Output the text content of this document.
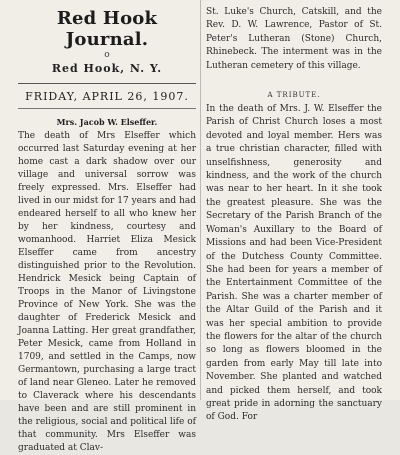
Red Hook Journal.
o
Red Hook, N. Y.
FRIDAY, APRIL 26, 1907.
Mrs. Jacob W. Elseffer.

The death of Mrs Elseffer which occurred last Saturday evening at her home cast a dark shadow over our village and universal sorrow was freely expressed. Mrs. Elseffer had lived in our midst for 17 years and had endeared herself to all who knew her by her kindness, courtesy and womanhood. Harriet Eliza Mesick Elseffer came from ancestry distinguished prior to the Revolution. Hendrick Mesick being Captain of Troops in the Manor of Livingstone Province of New York. She was the daughter of Frederick Mesick and Joanna Latting. Her great grandfather, Peter Mesick, came from Holland in 1709, and settled in the Camps, now Germantown, purchasing a large tract of land near Gleneo. Later he removed to Claverack where his descendants have been and are still prominent in the religious, social and political life of that community. Mrs Elseffer was graduated at Clav-

St. Luke's Church, Catskill, and the Rev. D. W. Lawrence, Pastor of St. Peter's Lutheran (Stone) Church, Rhinebeck. The interment was in the Lutheran cemetery of this village.

A TRIBUTE.

In the death of Mrs. J. W. Elseffer the Parish of Christ Church loses a most devoted and loyal member. Hers was a true christian character, filled with unselfishness, generosity and kindness, and the work of the church was near to her heart. In it she took the greatest pleasure. She was the Secretary of the Parish Branch of the Woman's Auxillary to the Board of Missions and had been Vice-President of the Dutchess County Committee. She had been for years a member of the Entertainment Committee of the Parish. She was a charter member of the Altar Guild of the Parish and it was her special ambition to provide the flowers for the altar of the church so long as flowers bloomed in the garden from early May till late into November. She planted and watched and picked them herself, and took great pride in adorning the sanctuary of God. For
